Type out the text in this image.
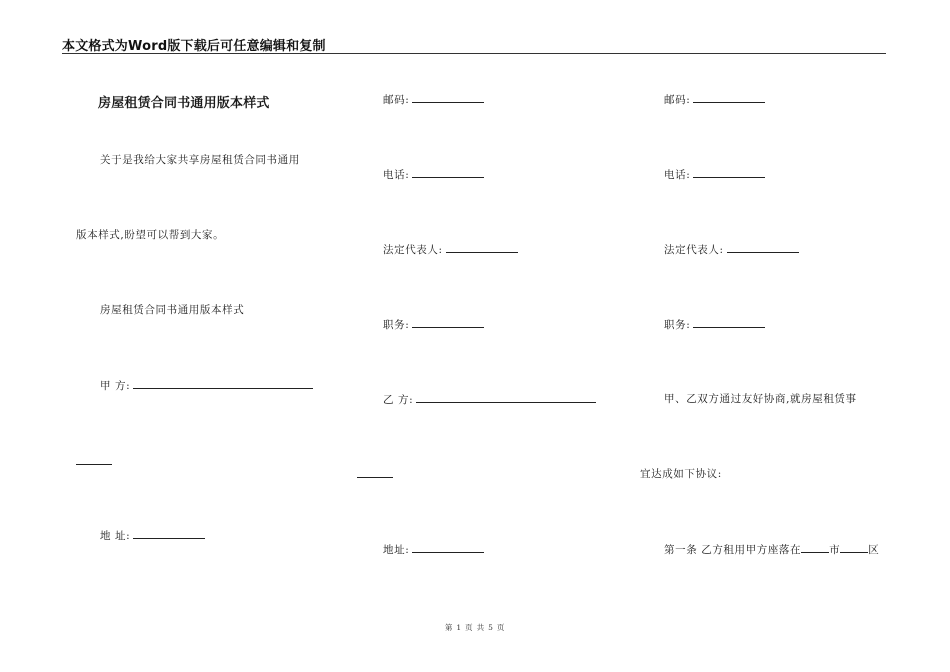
本文格式为Word版下载后可任意编辑和复制
房屋租赁合同书通用版本样式
关于是我给大家共享房屋租赁合同书通用
版本样式,盼望可以帮到大家。
房屋租赁合同书通用版本样式
甲 方:
地 址:
邮码:
电话:
法定代表人:
职务:
乙 方:
地址:
邮码:
电话:
法定代表人:
职务:
甲、乙双方通过友好协商,就房屋租赁事
宜达成如下协议:
第一条 乙方租用甲方座落在	市	区
第 1 页 共 5 页
